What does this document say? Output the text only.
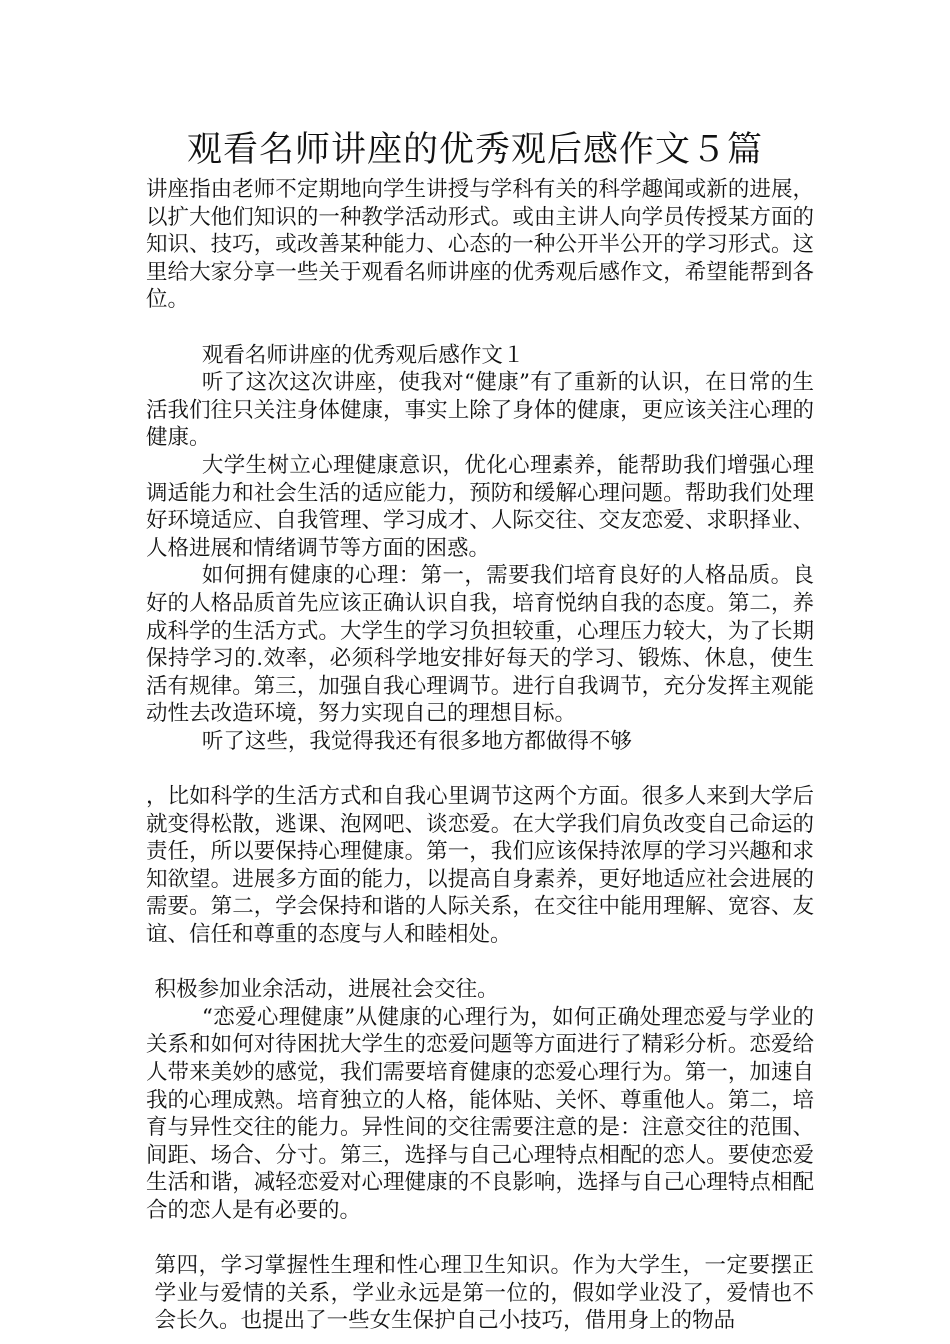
观看名师讲座的优秀观后感作文５篇

讲座指由老师不定期地向学生讲授与学科有关的科学趣闻或新的进展，以扩大他们知识的一种教学活动形式。或由主讲人向学员传授某方面的知识、技巧，或改善某种能力、心态的一种公开半公开的学习形式。这里给大家分享一些关于观看名师讲座的优秀观后感作文，希望能帮到各位。

观看名师讲座的优秀观后感作文１

听了这次这次讲座，使我对“健康”有了重新的认识，在日常的生活我们往只关注身体健康，事实上除了身体的健康，更应该关注心理的健康。

大学生树立心理健康意识，优化心理素养，能帮助我们增强心理调适能力和社会生活的适应能力，预防和缓解心理问题。帮助我们处理好环境适应、自我管理、学习成才、人际交往、交友恋爱、求职择业、人格进展和情绪调节等方面的困惑。

如何拥有健康的心理：第一，需要我们培育良好的人格品质。良好的人格品质首先应该正确认识自我，培育悦纳自我的态度。第二，养成科学的生活方式。大学生的学习负担较重，心理压力较大，为了长期保持学习的.效率，必须科学地安排好每天的学习、锻炼、休息，使生活有规律。第三，加强自我心理调节。进行自我调节，充分发挥主观能动性去改造环境，努力实现自己的理想目标。

听了这些，我觉得我还有很多地方都做得不够

，比如科学的生活方式和自我心里调节这两个方面。很多人来到大学后就变得松散，逃课、泡网吧、谈恋爱。在大学我们肩负改变自己命运的责任，所以要保持心理健康。第一，我们应该保持浓厚的学习兴趣和求知欲望。进展多方面的能力，以提高自身素养，更好地适应社会进展的需要。第二，学会保持和谐的人际关系，在交往中能用理解、宽容、友谊、信任和尊重的态度与人和睦相处。

积极参加业余活动，进展社会交往。

“恋爱心理健康”从健康的心理行为，如何正确处理恋爱与学业的关系和如何对待困扰大学生的恋爱问题等方面进行了精彩分析。恋爱给人带来美妙的感觉，我们需要培育健康的恋爱心理行为。第一，加速自我的心理成熟。培育独立的人格，能体贴、关怀、尊重他人。第二，培育与异性交往的能力。异性间的交往需要注意的是：注意交往的范围、间距、场合、分寸。第三，选择与自己心理特点相配的恋人。要使恋爱生活和谐，减轻恋爱对心理健康的不良影响，选择与自己心理特点相配合的恋人是有必要的。

第四，学习掌握性生理和性心理卫生知识。作为大学生，一定要摆正学业与爱情的关系，学业永远是第一位的，假如学业没了，爱情也不会长久。也提出了一些女生保护自己小技巧，借用身上的物品
